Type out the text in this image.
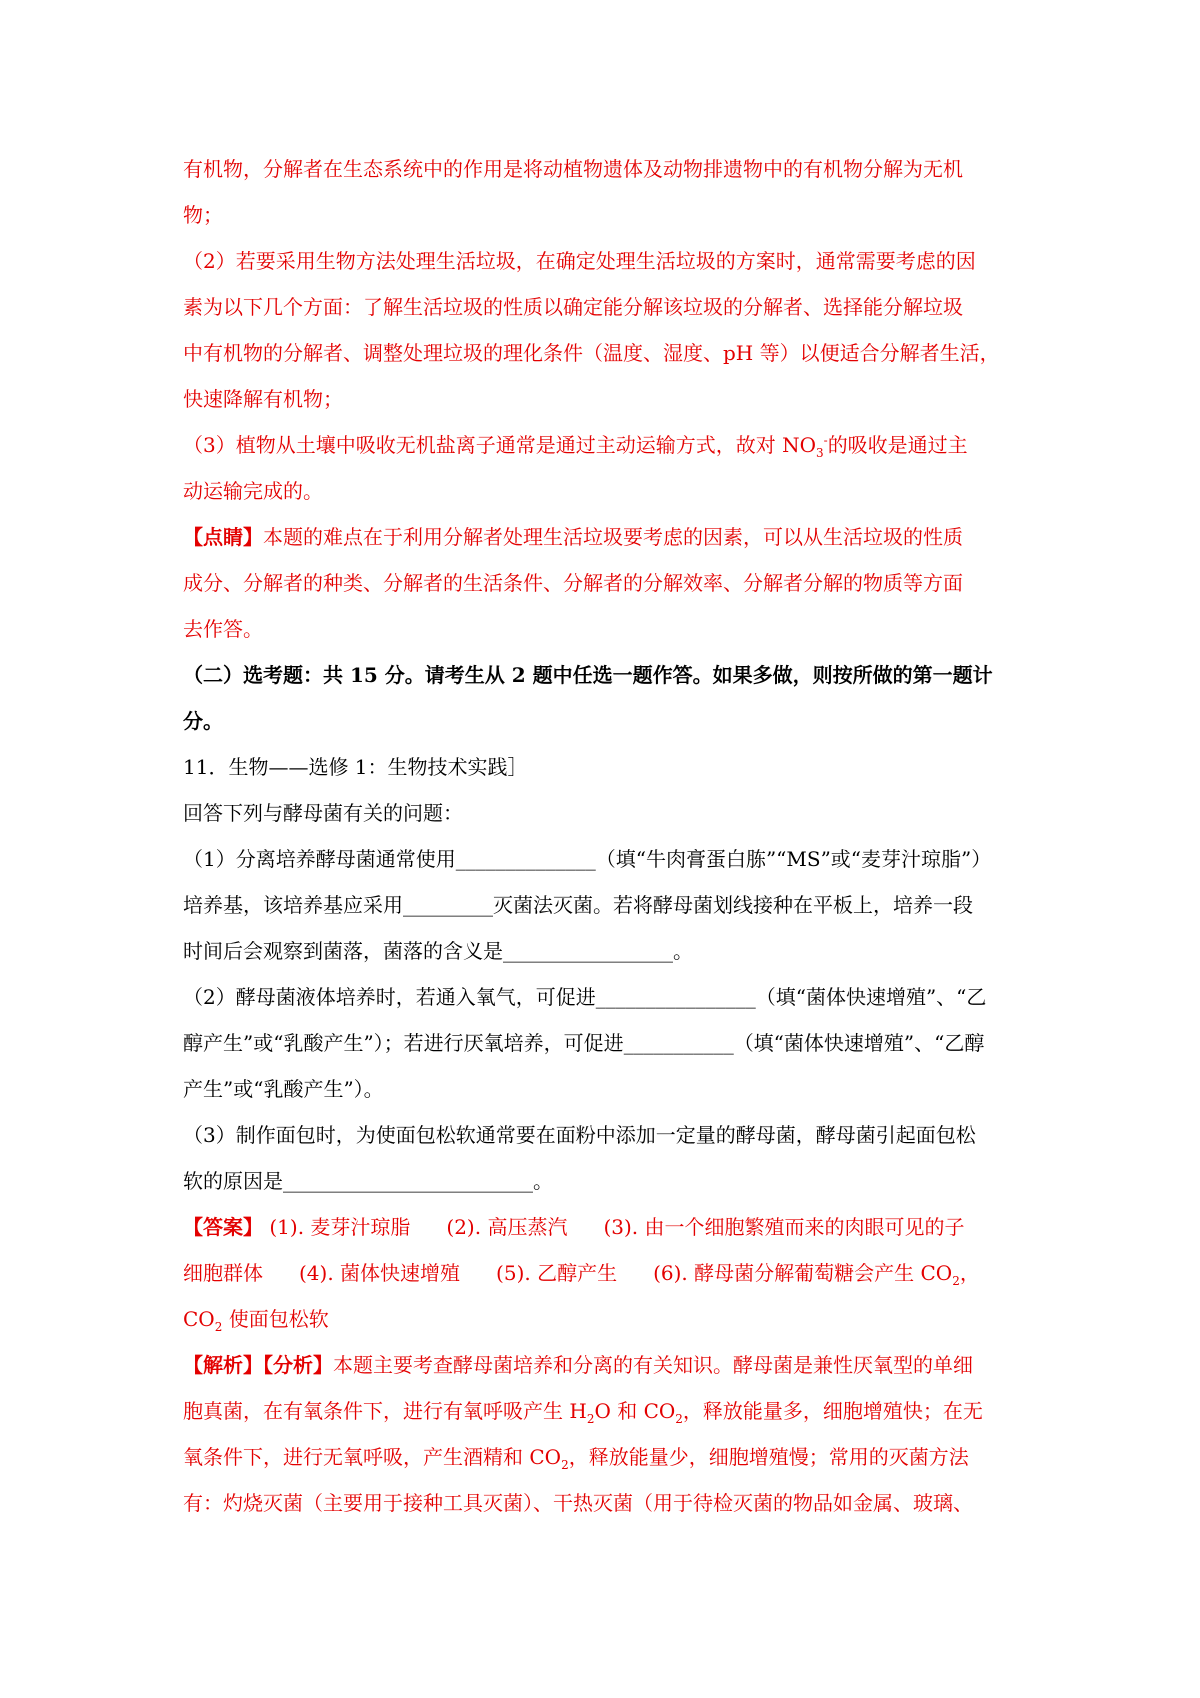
有机物，分解者在生态系统中的作用是将动植物遗体及动物排遗物中的有机物分解为无机

物；

（2）若要采用生物方法处理生活垃圾，在确定处理生活垃圾的方案时，通常需要考虑的因

素为以下几个方面：了解生活垃圾的性质以确定能分解该垃圾的分解者、选择能分解垃圾

中有机物的分解者、调整处理垃圾的理化条件（温度、湿度、pH 等）以便适合分解者生活，

快速降解有机物；

（3）植物从土壤中吸收无机盐离子通常是通过主动运输方式，故对 $NO_3^-$的吸收是通过主

动运输完成的。

【点睛】本题的难点在于利用分解者处理生活垃圾要考虑的因素，可以从生活垃圾的性质

成分、分解者的种类、分解者的生活条件、分解者的分解效率、分解者分解的物质等方面

去作答。

（二）选考题：共 15 分。请考生从 2 题中任选一题作答。如果多做，则按所做的第一题计

分。

11．生物——选修 1：生物技术实践］

回答下列与酵母菌有关的问题：

（1）分离培养酵母菌通常使用______________（填“牛肉膏蛋白胨”“MS”或“麦芽汁琼脂”）

培养基，该培养基应采用_________灭菌法灭菌。若将酵母菌划线接种在平板上，培养一段

时间后会观察到菌落，菌落的含义是_________________。

（2）酵母菌液体培养时，若通入氧气，可促进________________（填“菌体快速增殖”、“乙

醇产生”或“乳酸产生”）；若进行厌氧培养，可促进___________（填“菌体快速增殖”、“乙醇

产生”或“乳酸产生”）。

（3）制作面包时，为使面包松软通常要在面粉中添加一定量的酵母菌，酵母菌引起面包松

软的原因是_________________________。

【答案】 (1). 麦芽汁琼脂 (2). 高压蒸汽 (3). 由一个细胞繁殖而来的肉眼可见的子

细胞群体 (4). 菌体快速增殖 (5). 乙醇产生 (6). 酵母菌分解葡萄糖会产生 $CO_2$，

$CO_2$ 使面包松软

【解析】【分析】本题主要考查酵母菌培养和分离的有关知识。酵母菌是兼性厌氧型的单细

胞真菌，在有氧条件下，进行有氧呼吸产生 $H_2O$ 和 $CO_2$，释放能量多，细胞增殖快；在无

氧条件下，进行无氧呼吸，产生酒精和 $CO_2$，释放能量少，细胞增殖慢；常用的灭菌方法

有：灼烧灭菌（主要用于接种工具灭菌）、干热灭菌（用于待检灭菌的物品如金属、玻璃、
